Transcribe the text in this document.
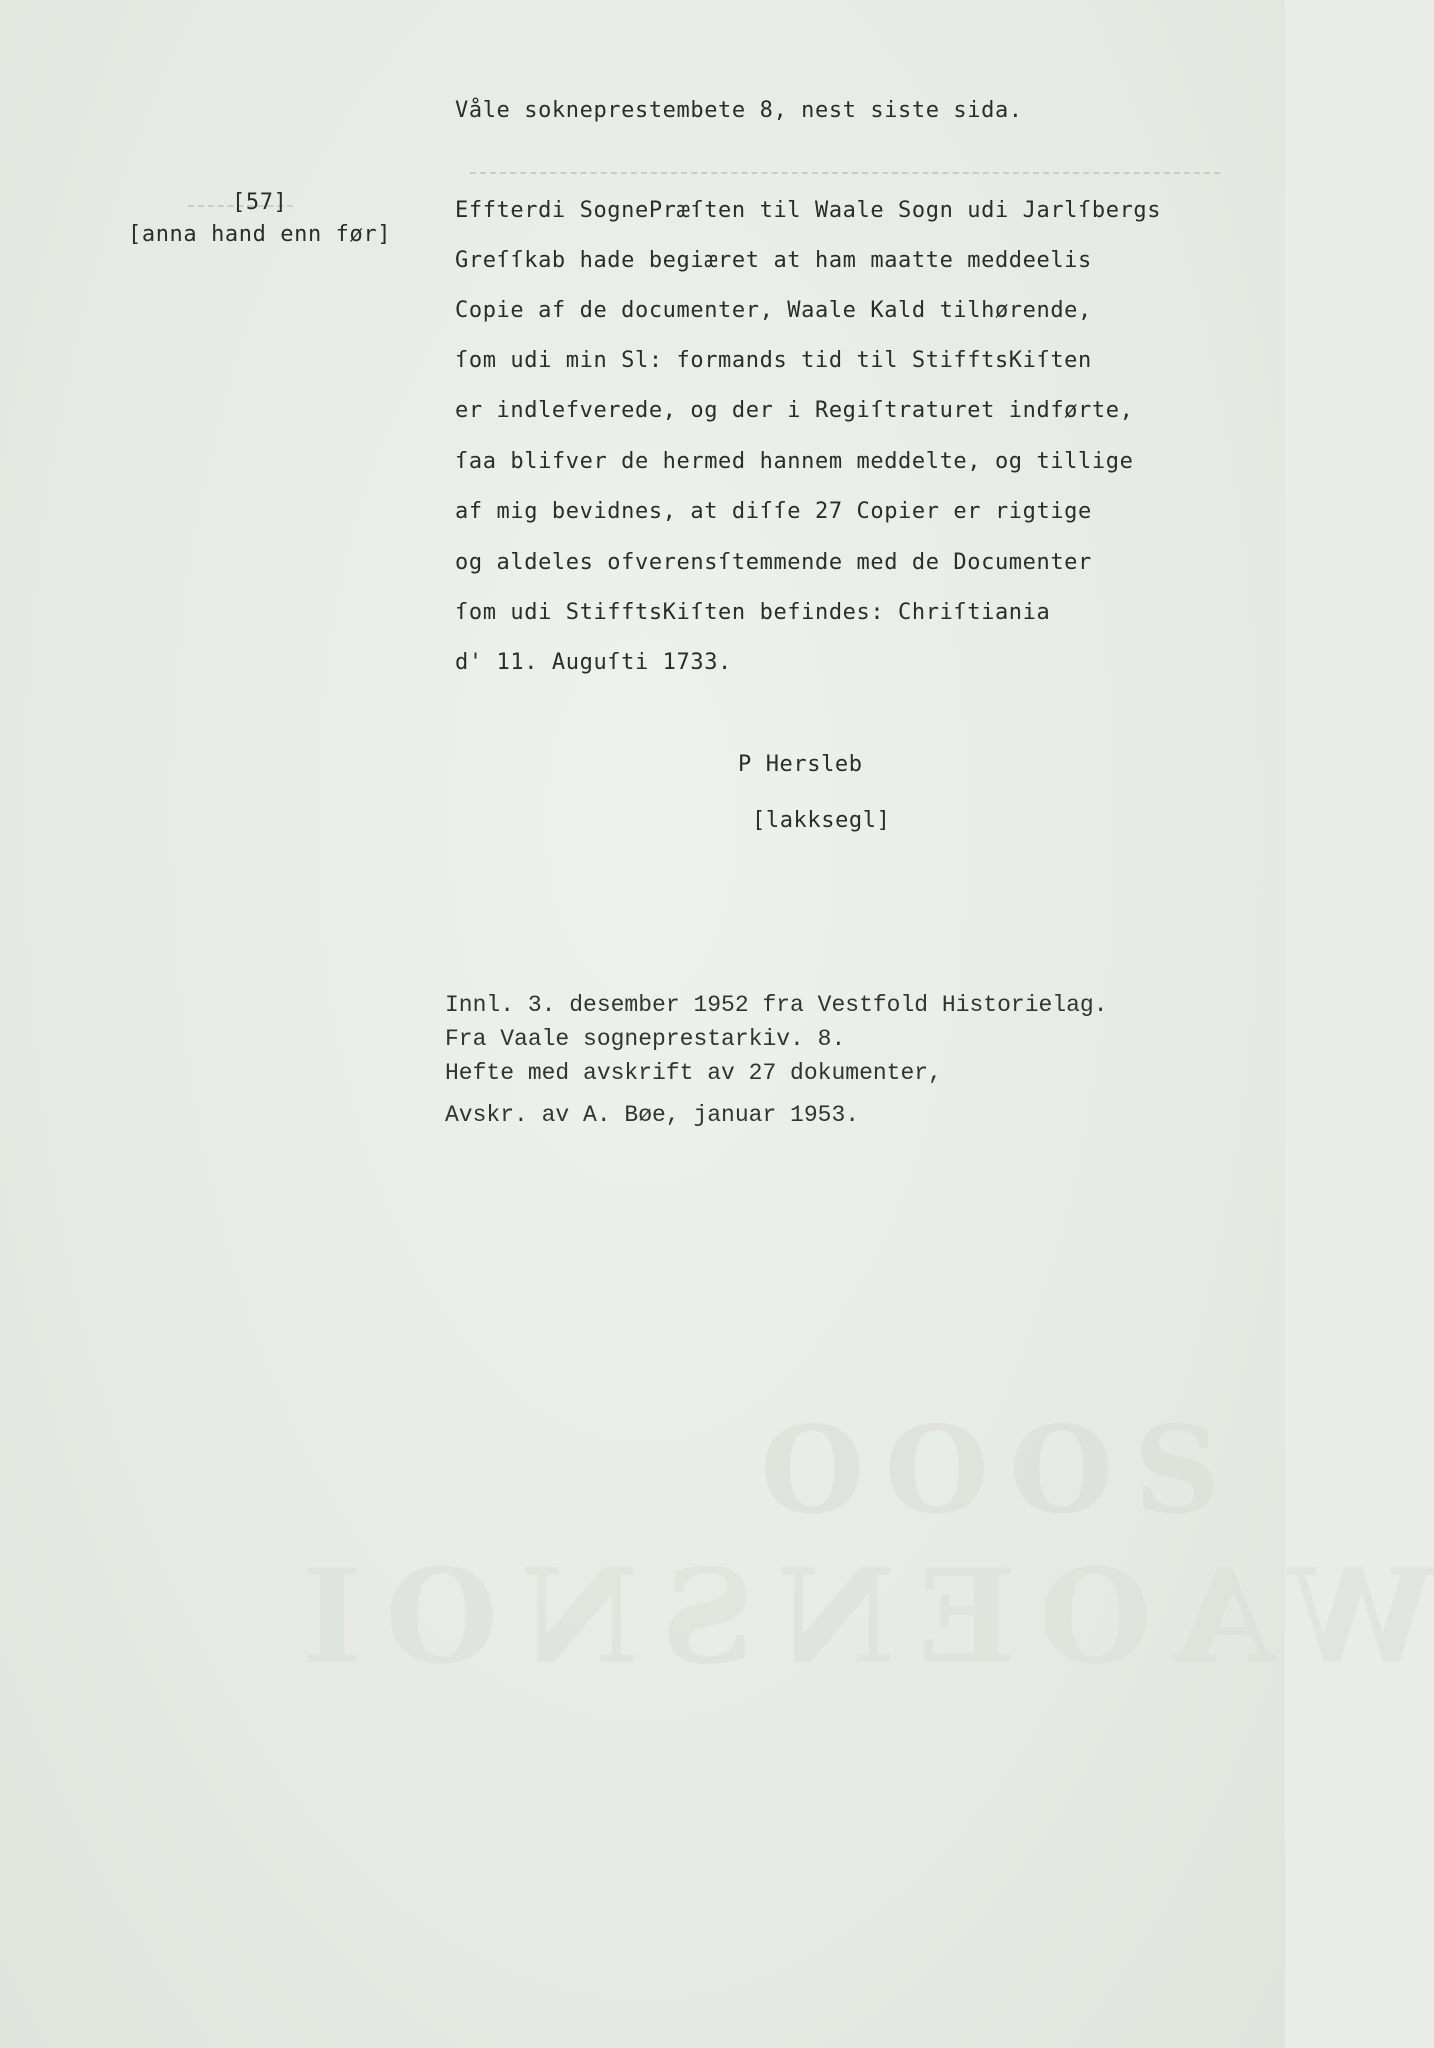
OOOS
WAOENSNOI
Våle sokneprestembete 8, nest siste sida.
[57]
[anna hand enn før]
Effterdi SognePræſten til Waale Sogn udi Jarlſbergs
Greſſkab hade begiæret at ham maatte meddeelis
Copie af de documenter, Waale Kald tilhørende,
ſom udi min Sl: formands tid til StifftsKiſten
er indlefverede, og der i Regiſtraturet indførte,
ſaa blifver de hermed hannem meddelte, og tillige
af mig bevidnes, at diſſe 27 Copier er rigtige
og aldeles ofverensſtemmende med de Documenter
ſom udi StifftsKiſten befindes: Chriſtiania
d' 11. Auguſti 1733.
P Hersleb
[lakksegl]
Innl. 3. desember 1952 fra Vestfold Historielag.
Fra Vaale sogneprestarkiv. 8.
Hefte med avskrift av 27 dokumenter,
Avskr. av A. Bøe, januar 1953.
